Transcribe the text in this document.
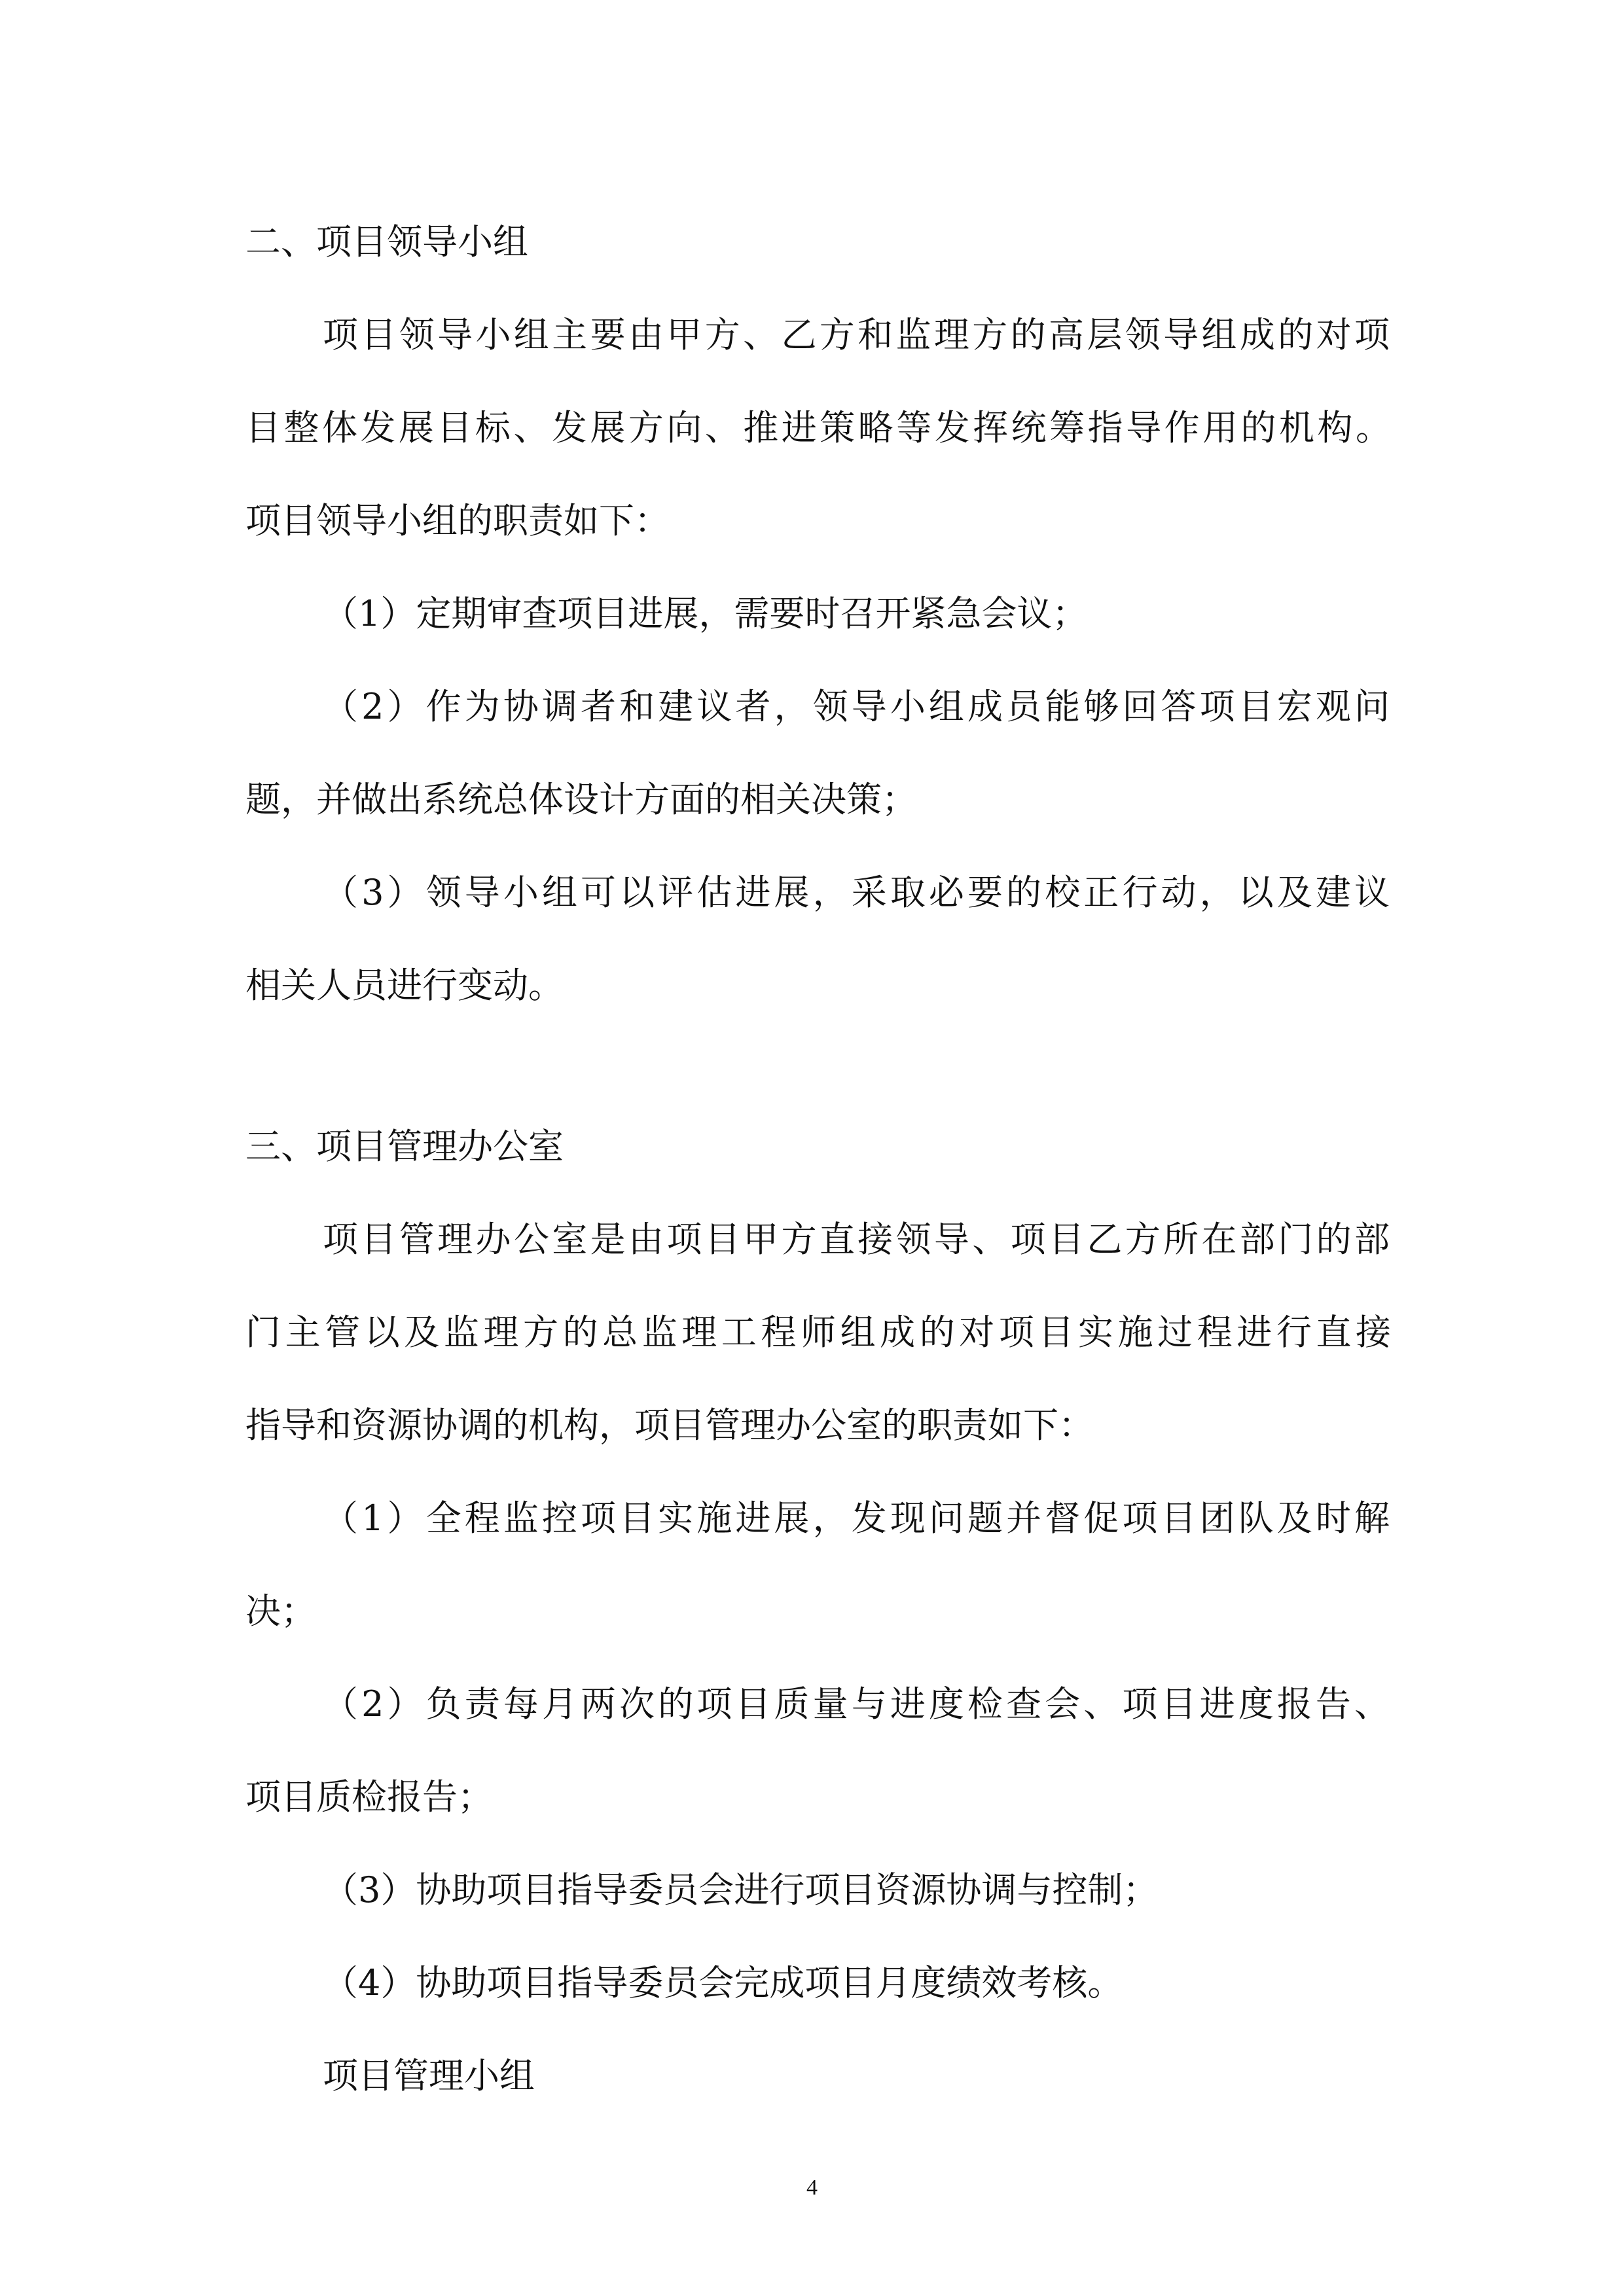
二、项目领导小组
项目领导小组主要由甲方、乙方和监理方的高层领导组成的对项
目整体发展目标、发展方向、推进策略等发挥统筹指导作用的机构。
项目领导小组的职责如下：
（1）定期审查项目进展，需要时召开紧急会议；
（2）作为协调者和建议者，领导小组成员能够回答项目宏观问
题，并做出系统总体设计方面的相关决策；
（3）领导小组可以评估进展，采取必要的校正行动，以及建议
相关人员进行变动。
三、项目管理办公室
项目管理办公室是由项目甲方直接领导、项目乙方所在部门的部
门主管以及监理方的总监理工程师组成的对项目实施过程进行直接
指导和资源协调的机构，项目管理办公室的职责如下：
（1）全程监控项目实施进展，发现问题并督促项目团队及时解
决；
（2）负责每月两次的项目质量与进度检查会、项目进度报告、
项目质检报告；
（3）协助项目指导委员会进行项目资源协调与控制；
（4）协助项目指导委员会完成项目月度绩效考核。
项目管理小组
4
